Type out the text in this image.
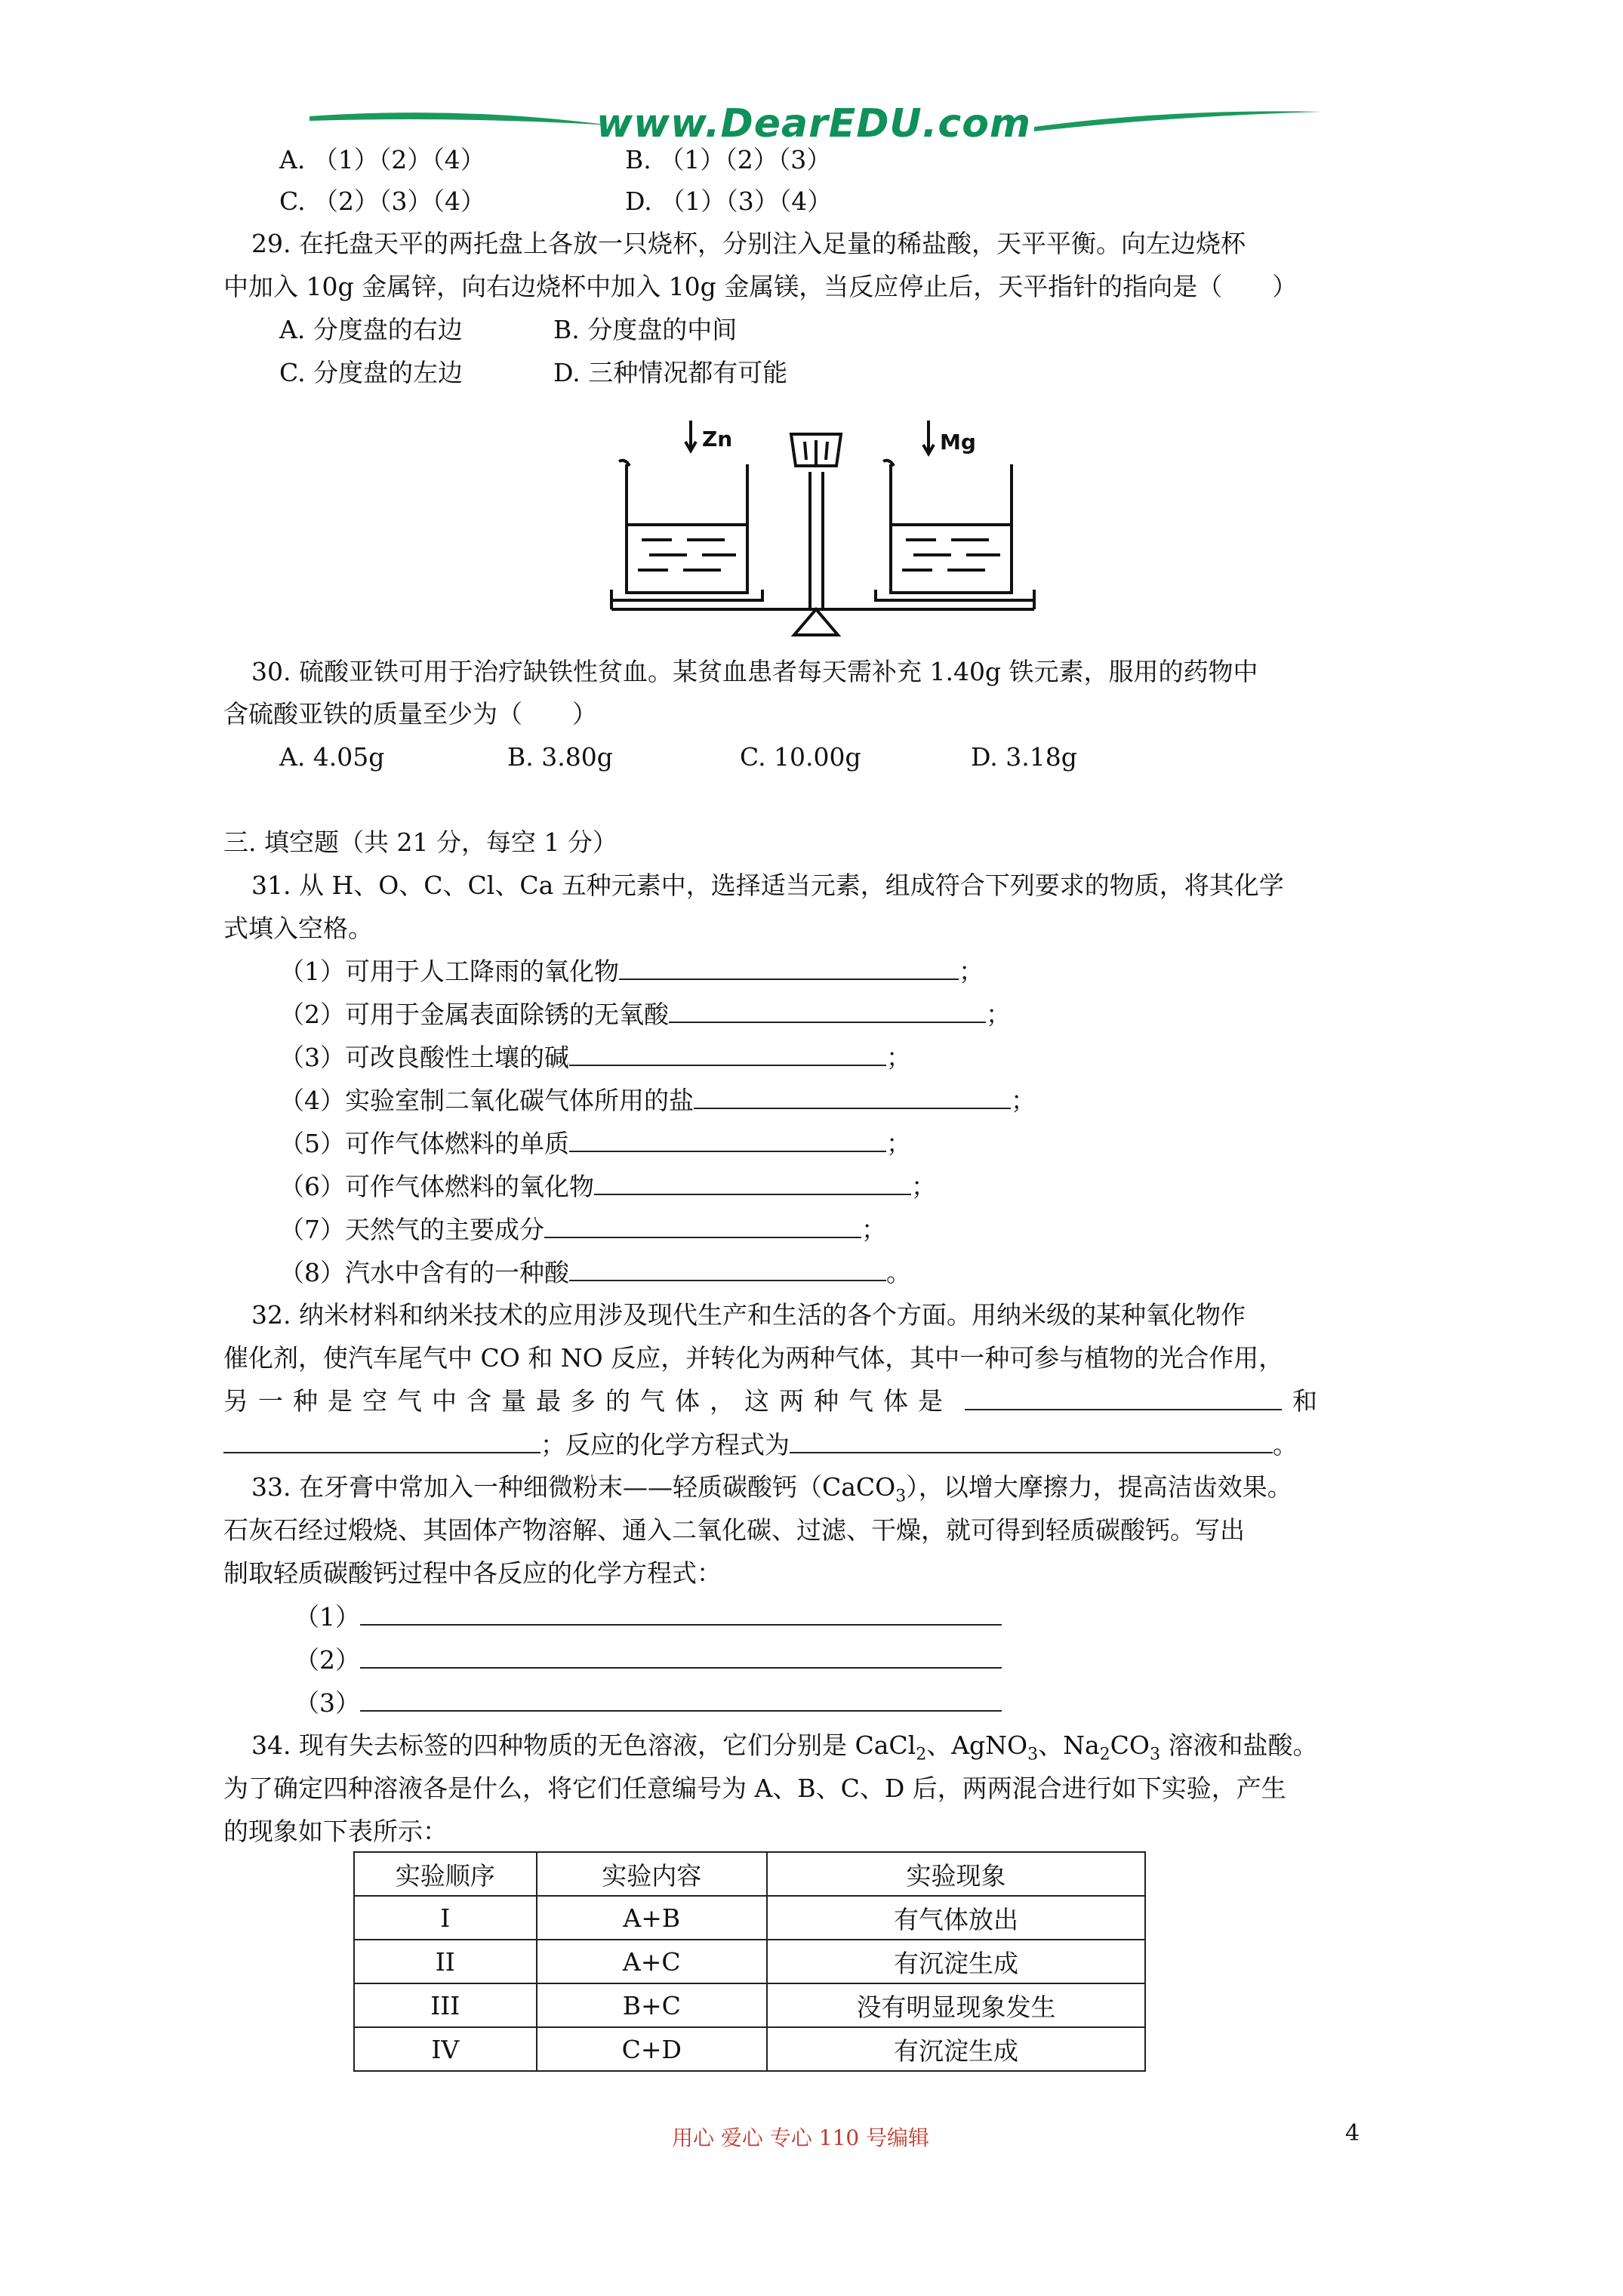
www.DearEDU.com
A. （1）（2）（4）	B. （1）（2）（3）
C. （2）（3）（4）	D. （1）（3）（4）
29. 在托盘天平的两托盘上各放一只烧杯，分别注入足量的稀盐酸，天平平衡。向左边烧杯
中加入 10g 金属锌，向右边烧杯中加入 10g 金属镁，当反应停止后，天平指针的指向是（　　）
A. 分度盘的右边	B. 分度盘的中间
C. 分度盘的左边	D. 三种情况都有可能
Zn	Mg
30. 硫酸亚铁可用于治疗缺铁性贫血。某贫血患者每天需补充 1.40g 铁元素，服用的药物中
含硫酸亚铁的质量至少为（　　）
A. 4.05g	B. 3.80g	C. 10.00g	D. 3.18g
三. 填空题（共 21 分，每空 1 分）
31. 从 H、O、C、Cl、Ca 五种元素中，选择适当元素，组成符合下列要求的物质，将其化学
式填入空格。
（1）可用于人工降雨的氧化物	；
（2）可用于金属表面除锈的无氧酸	；
（3）可改良酸性土壤的碱	；
（4）实验室制二氧化碳气体所用的盐	；
（5）可作气体燃料的单质	；
（6）可作气体燃料的氧化物	；
（7）天然气的主要成分	；
（8）汽水中含有的一种酸	。
32. 纳米材料和纳米技术的应用涉及现代生产和生活的各个方面。用纳米级的某种氧化物作
催化剂，使汽车尾气中 CO 和 NO 反应，并转化为两种气体，其中一种可参与植物的光合作用，
另一种是空气中含量最多的气体，这两种气体是	和
；反应的化学方程式为	。
33. 在牙膏中常加入一种细微粉末——轻质碳酸钙（CaCO$_3$），以增大摩擦力，提高洁齿效果。
石灰石经过煅烧、其固体产物溶解、通入二氧化碳、过滤、干燥，就可得到轻质碳酸钙。写出
制取轻质碳酸钙过程中各反应的化学方程式：
（1）
（2）
（3）
34. 现有失去标签的四种物质的无色溶液，它们分别是 CaCl$_2$、AgNO$_3$、$Na_2CO_3$ 溶液和盐酸。
为了确定四种溶液各是什么，将它们任意编号为 A、B、C、D 后，两两混合进行如下实验，产生
的现象如下表所示：
实验顺序	实验内容	实验现象
I	A+B	有气体放出
II	A+C	有沉淀生成
III	B+C	没有明显现象发生
IV	C+D	有沉淀生成
用心 爱心 专心 110 号编辑	4
